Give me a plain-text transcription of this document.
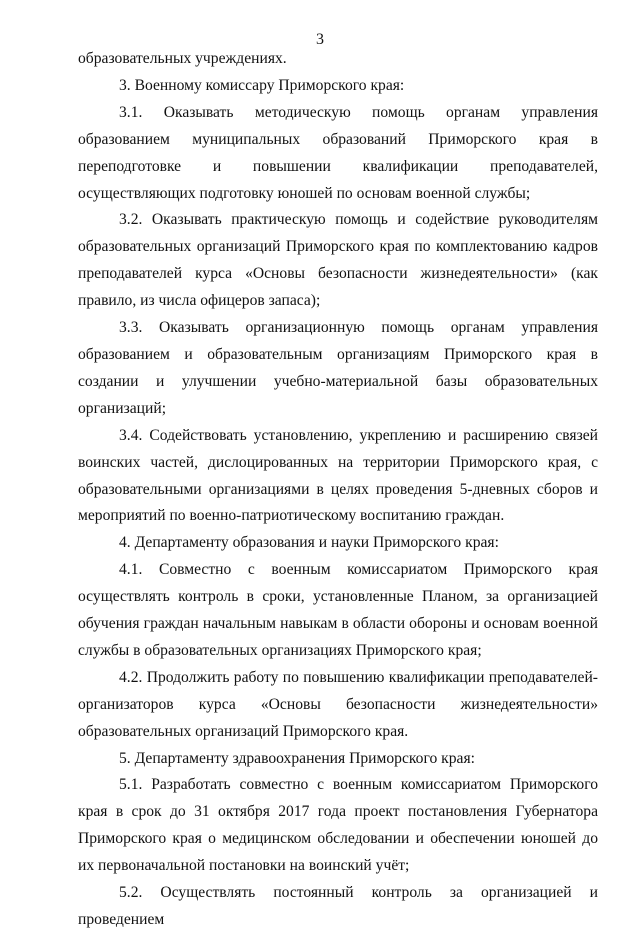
3

образовательных учреждениях.

3. Военному комиссару Приморского края:

3.1. Оказывать методическую помощь органам управления образованием муниципальных образований Приморского края в переподготовке и повышении квалификации преподавателей, осуществляющих подготовку юношей по основам военной службы;

3.2. Оказывать практическую помощь и содействие руководителям образовательных организаций Приморского края по комплектованию кадров преподавателей курса «Основы безопасности жизнедеятельности» (как правило, из числа офицеров запаса);

3.3. Оказывать организационную помощь органам управления образованием и образовательным организациям Приморского края в создании и улучшении учебно-материальной базы образовательных организаций;

3.4. Содействовать установлению, укреплению и расширению связей воинских частей, дислоцированных на территории Приморского края, с образовательными организациями в целях проведения 5-дневных сборов и мероприятий по военно-патриотическому воспитанию граждан.

4. Департаменту образования и науки Приморского края:

4.1. Совместно с военным комиссариатом Приморского края осуществлять контроль в сроки, установленные Планом, за организацией обучения граждан начальным навыкам в области обороны и основам военной службы в образовательных организациях Приморского края;

4.2. Продолжить работу по повышению квалификации преподавателей-организаторов курса «Основы безопасности жизнедеятельности» образовательных организаций Приморского края.

5. Департаменту здравоохранения Приморского края:

5.1. Разработать совместно с военным комиссариатом Приморского края в срок до 31 октября 2017 года проект постановления Губернатора Приморского края о медицинском обследовании и обеспечении юношей до их первоначальной постановки на воинский учёт;

5.2. Осуществлять постоянный контроль за организацией и проведением
